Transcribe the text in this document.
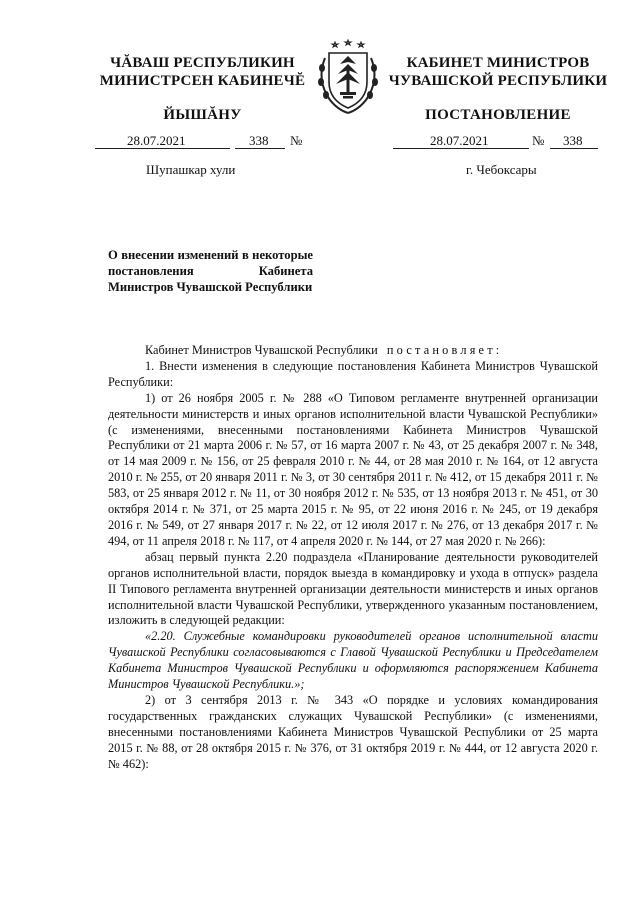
ЧĂВАШ РЕСПУБЛИКИН
МИНИСТРСЕН КАБИНЕЧĔ
ЙЫШĂНУ
КАБИНЕТ МИНИСТРОВ
ЧУВАШСКОЙ РЕСПУБЛИКИ
ПОСТАНОВЛЕНИЕ
28.07.2021	338 №
Шупашкар хули
28.07.2021	№ 338
г. Чебоксары
О внесении изменений в некоторые постановления Кабинета Министров Чувашской Республики

Кабинет Министров Чувашской Республики постановляет:

1. Внести изменения в следующие постановления Кабинета Министров Чувашской Республики:

1) от 26 ноября 2005 г. № 288 «О Типовом регламенте внутренней организации деятельности министерств и иных органов исполнительной власти Чувашской Республики» (с изменениями, внесенными постановлениями Кабинета Министров Чувашской Республики от 21 марта 2006 г. № 57, от 16 марта 2007 г. № 43, от 25 декабря 2007 г. № 348, от 14 мая 2009 г. № 156, от 25 февраля 2010 г. № 44, от 28 мая 2010 г. № 164, от 12 августа 2010 г. № 255, от 20 января 2011 г. № 3, от 30 сентября 2011 г. № 412, от 15 декабря 2011 г. № 583, от 25 января 2012 г. № 11, от 30 ноября 2012 г. № 535, от 13 ноября 2013 г. № 451, от 30 октября 2014 г. № 371, от 25 марта 2015 г. № 95, от 22 июня 2016 г. № 245, от 19 декабря 2016 г. № 549, от 27 января 2017 г. № 22, от 12 июля 2017 г. № 276, от 13 декабря 2017 г. № 494, от 11 апреля 2018 г. № 117, от 4 апреля 2020 г. № 144, от 27 мая 2020 г. № 266):

абзац первый пункта 2.20 подраздела «Планирование деятельности руководителей органов исполнительной власти, порядок выезда в командировку и ухода в отпуск» раздела II Типового регламента внутренней организации деятельности министерств и иных органов исполнительной власти Чувашской Республики, утвержденного указанным постановлением, изложить в следующей редакции:

«2.20. Служебные командировки руководителей органов исполнительной власти Чувашской Республики согласовываются с Главой Чувашской Республики и Председателем Кабинета Министров Чувашской Республики и оформляются распоряжением Кабинета Министров Чувашской Республики.»;

2) от 3 сентября 2013 г. № 343 «О порядке и условиях командирования государственных гражданских служащих Чувашской Республики» (с изменениями, внесенными постановлениями Кабинета Министров Чувашской Республики от 25 марта 2015 г. № 88, от 28 октября 2015 г. № 376, от 31 октября 2019 г. № 444, от 12 августа 2020 г. № 462):
